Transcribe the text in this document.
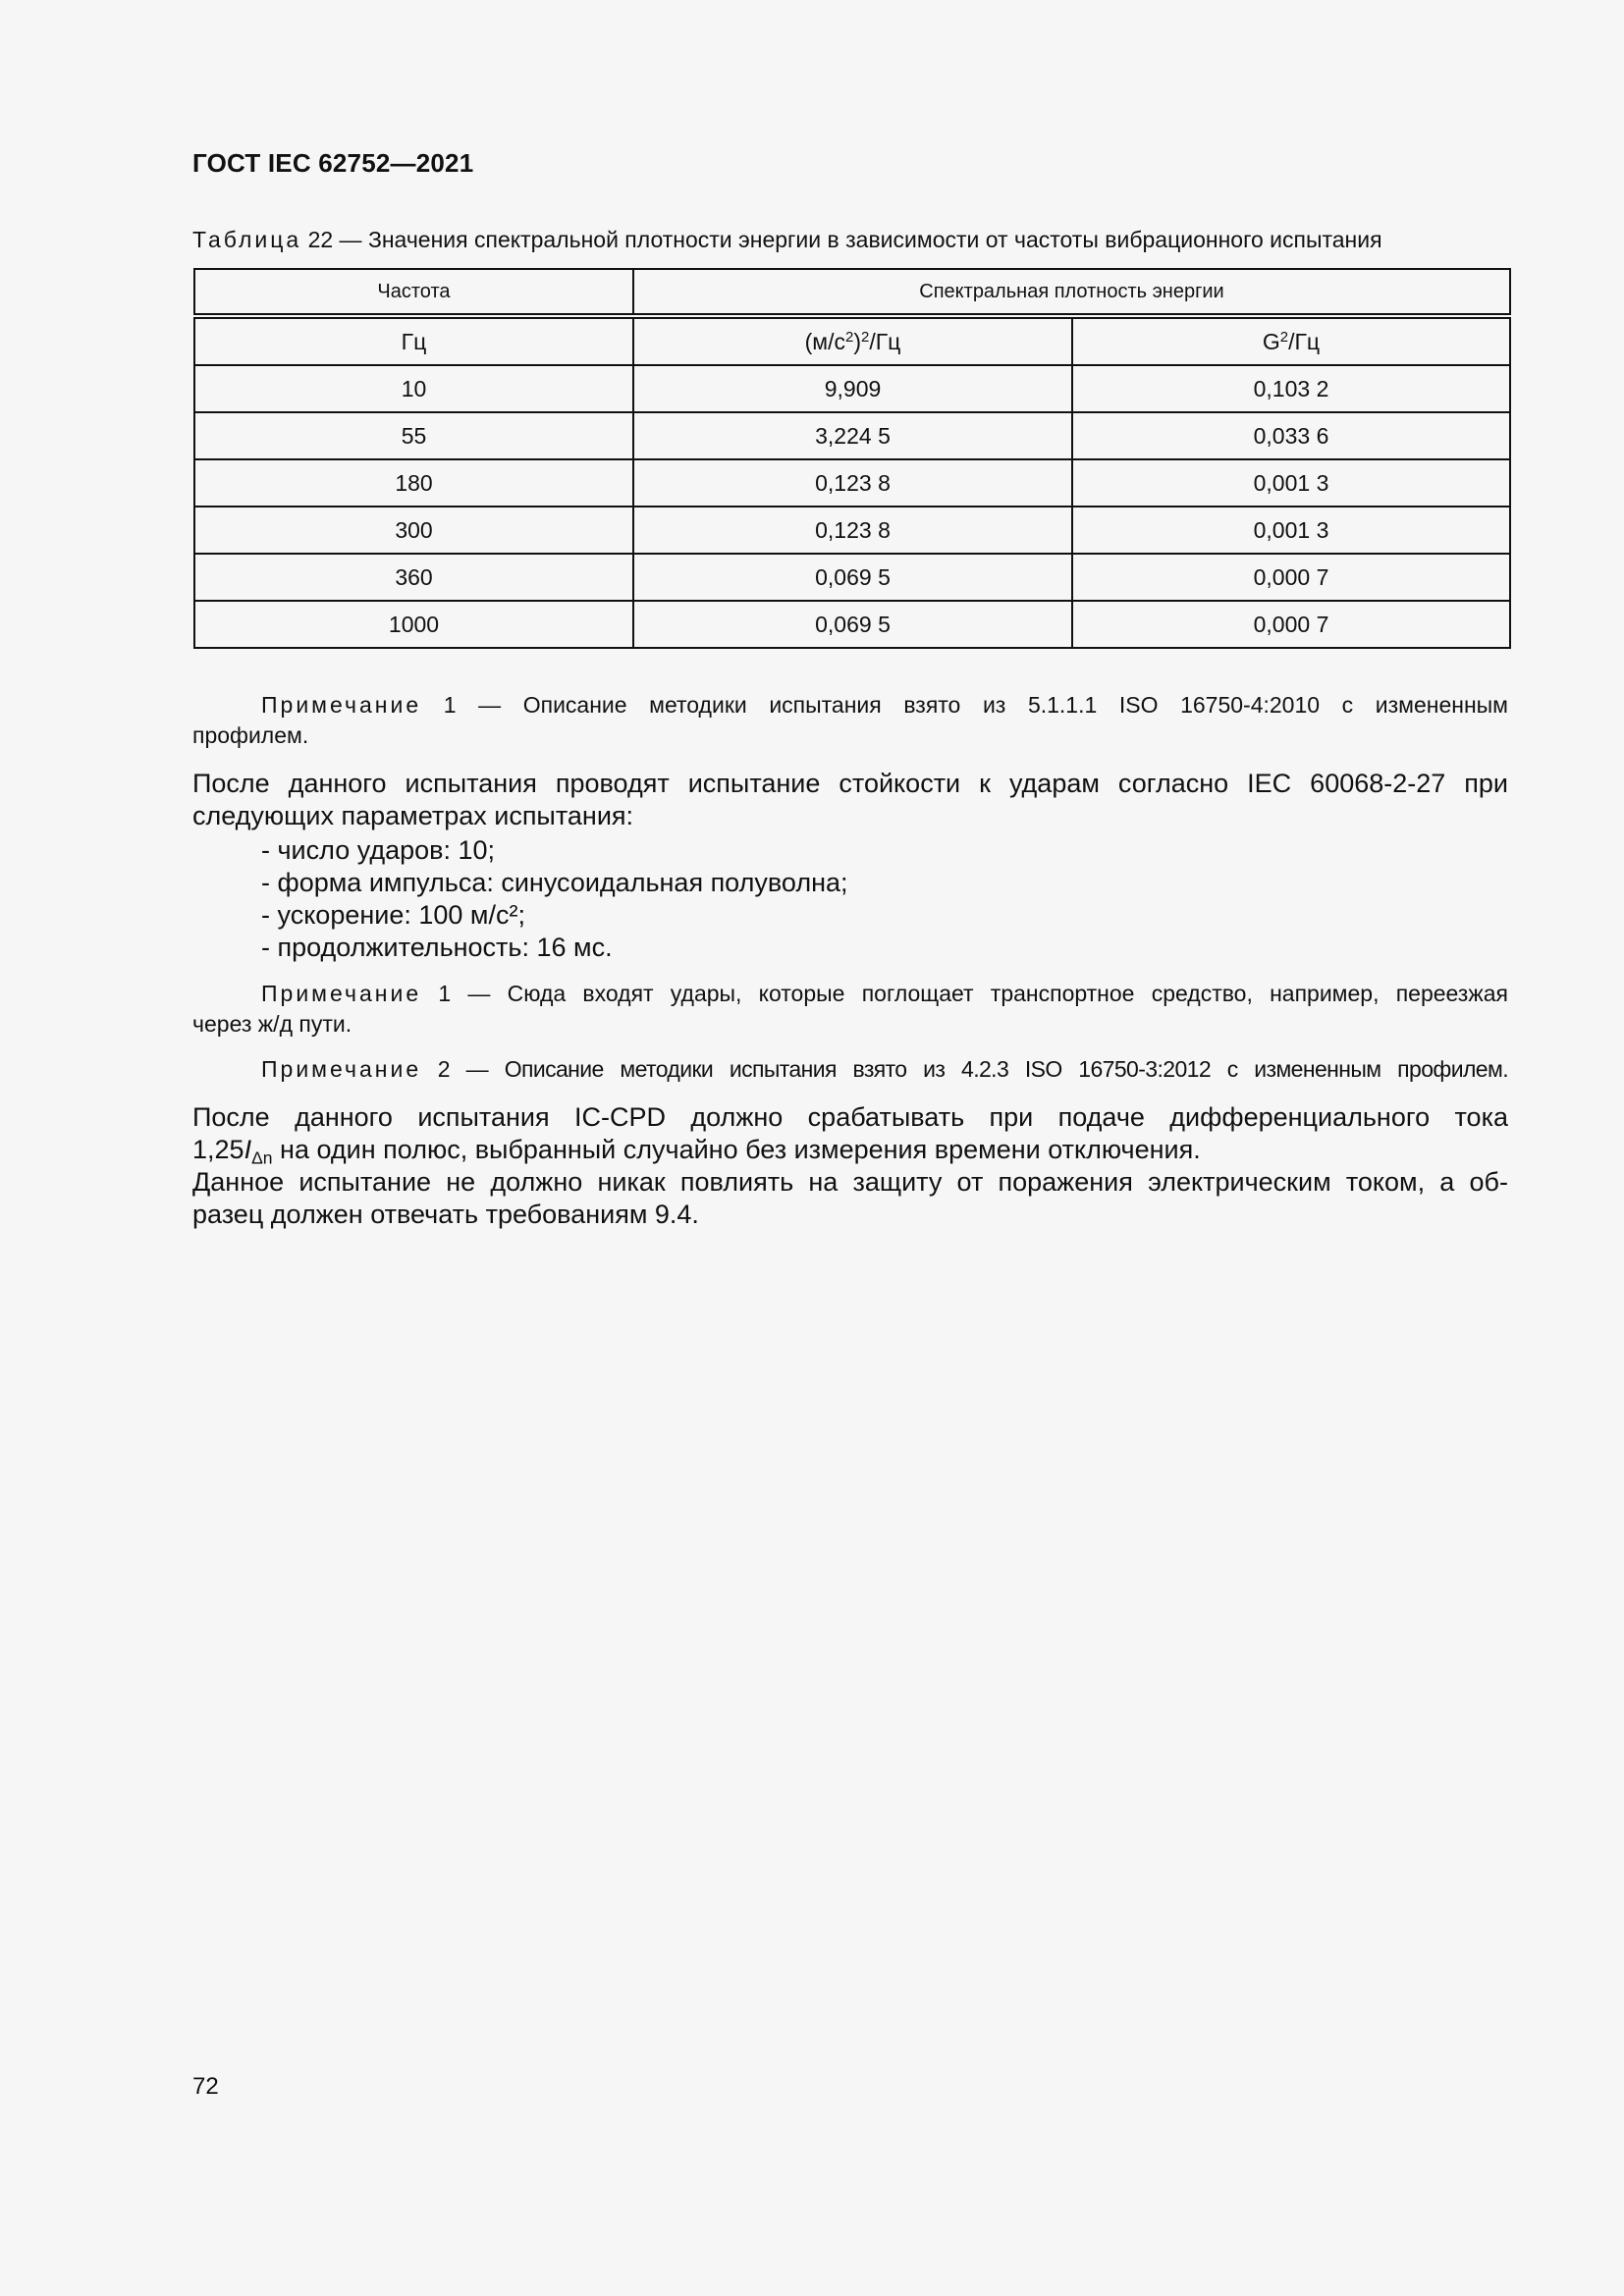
ГОСТ IEC 62752—2021
Таблица 22 — Значения спектральной плотности энергии в зависимости от частоты вибрационного испытания
Частота	Спектральная плотность энергии	
Гц	$(м/с^2)^2/Гц$	$G^2/Гц$
10	9,909	0,103 2
55	3,224 5	0,033 6
180	0,123 8	0,001 3
300	0,123 8	0,001 3
360	0,069 5	0,000 7
1000	0,069 5	0,000 7
Примечание 1 — Описание методики испытания взято из 5.1.1.1 ISO 16750-4:2010 с измененным
профилем.
После данного испытания проводят испытание стойкости к ударам согласно IEC 60068-2-27 при
следующих параметрах испытания:
- число ударов: 10;
- форма импульса: синусоидальная полуволна;
- ускорение: 100 м/с²;
- продолжительность: 16 мс.
Примечание 1 — Сюда входят удары, которые поглощает транспортное средство, например, переезжая
через ж/д пути.
Примечание 2 — Описание методики испытания взято из 4.2.3 ISO 16750-3:2012 с измененным профилем.
После данного испытания IC-CPD должно срабатывать при подаче дифференциального тока
$1,25I_{\Delta n}$ на один полюс, выбранный случайно без измерения времени отключения.
Данное испытание не должно никак повлиять на защиту от поражения электрическим током, а об-
разец должен отвечать требованиям 9.4.
72
